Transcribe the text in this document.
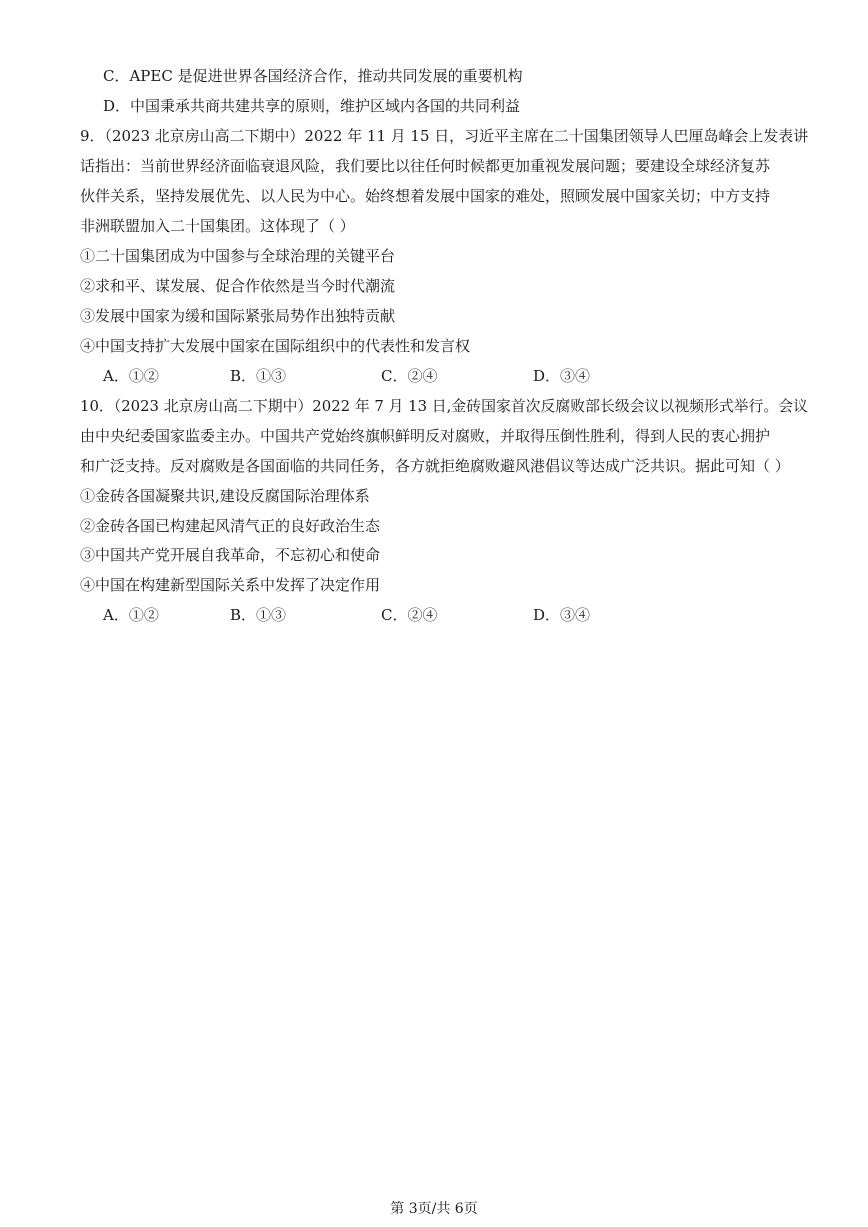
C．APEC 是促进世界各国经济合作，推动共同发展的重要机构
D．中国秉承共商共建共享的原则，维护区域内各国的共同利益
9．（2023 北京房山高二下期中）2022 年 11 月 15 日，习近平主席在二十国集团领导人巴厘岛峰会上发表讲
话指出：当前世界经济面临衰退风险，我们要比以往任何时候都更加重视发展问题；要建设全球经济复苏
伙伴关系，坚持发展优先、以人民为中心。始终想着发展中国家的难处，照顾发展中国家关切；中方支持
非洲联盟加入二十国集团。这体现了（ ）
①二十国集团成为中国参与全球治理的关键平台
②求和平、谋发展、促合作依然是当今时代潮流
③发展中国家为缓和国际紧张局势作出独特贡献
④中国支持扩大发展中国家在国际组织中的代表性和发言权
A．①②	B．①③	C．②④	D．③④
10．（2023 北京房山高二下期中）2022 年 7 月 13 日,金砖国家首次反腐败部长级会议以视频形式举行。会议
由中央纪委国家监委主办。中国共产党始终旗帜鲜明反对腐败，并取得压倒性胜利，得到人民的衷心拥护
和广泛支持。反对腐败是各国面临的共同任务，各方就拒绝腐败避风港倡议等达成广泛共识。据此可知（ ）
①金砖各国凝聚共识,建设反腐国际治理体系
②金砖各国已构建起风清气正的良好政治生态
③中国共产党开展自我革命，不忘初心和使命
④中国在构建新型国际关系中发挥了决定作用
A．①②	B．①③	C．②④	D．③④
第 3页/共 6页
